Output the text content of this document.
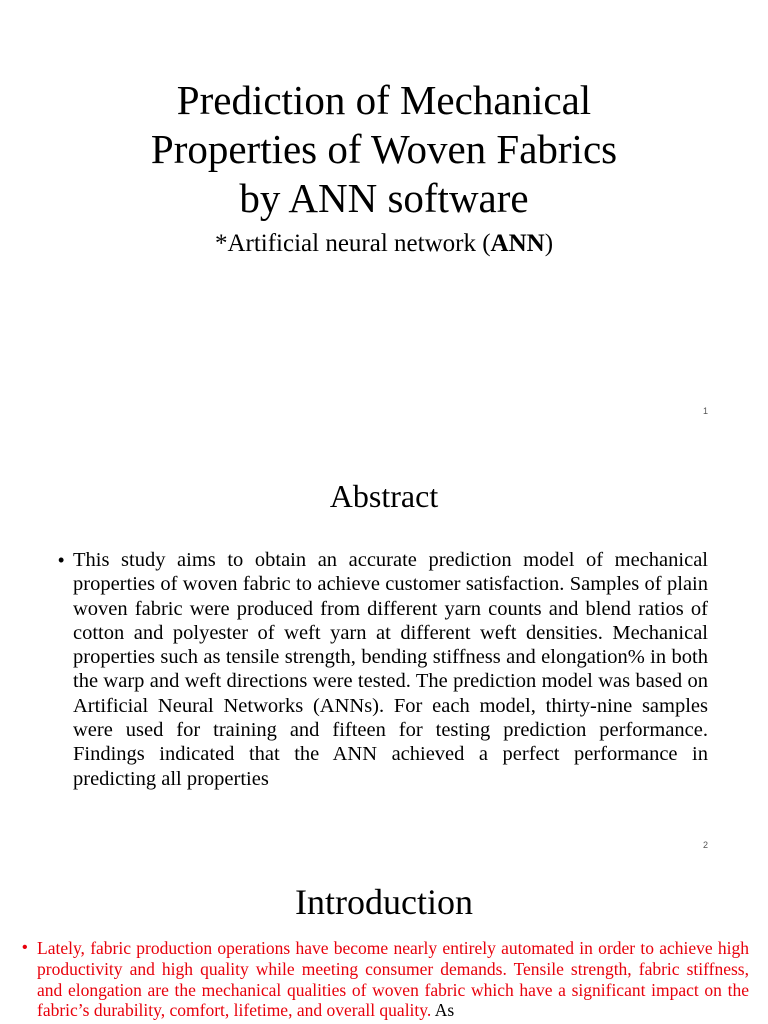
Prediction of Mechanical
Properties of Woven Fabrics
by ANN software
*Artificial neural network (ANN)
1
Abstract
• This study aims to obtain an accurate prediction model of mechanical properties of woven fabric to achieve customer satisfaction. Samples of plain woven fabric were produced from different yarn counts and blend ratios of cotton and polyester of weft yarn at different weft densities. Mechanical properties such as tensile strength, bending stiffness and elongation% in both the warp and weft directions were tested. The prediction model was based on Artificial Neural Networks (ANNs). For each model, thirty-nine samples were used for training and fifteen for testing prediction performance. Findings indicated that the ANN achieved a perfect performance in predicting all properties
2
Introduction
• Lately, fabric production operations have become nearly entirely automated in order to achieve high productivity and high quality while meeting consumer demands. Tensile strength, fabric stiffness, and elongation are the mechanical qualities of woven fabric which have a significant impact on the fabric’s durability, comfort, lifetime, and overall quality. As
